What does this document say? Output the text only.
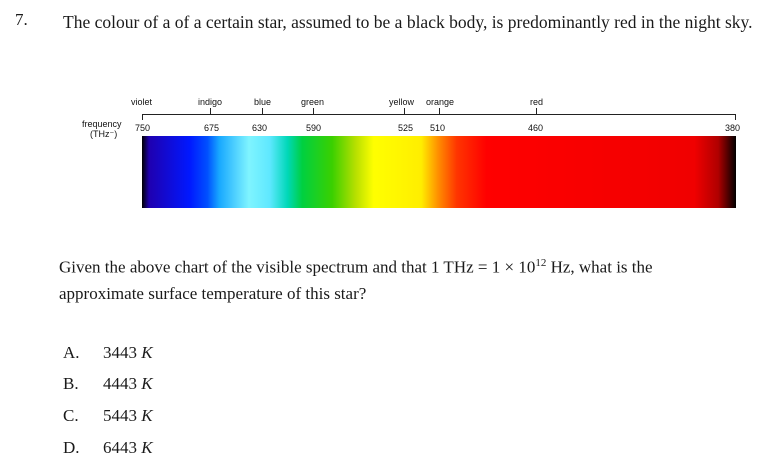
7. The colour of a of a certain star, assumed to be a black body, is predominantly red in the night sky.
violet	indigo	blue	green	yellow orange	red
frequency
(THz⁻)
750	675	630	590	525 510	460	380
Given the above chart of the visible spectrum and that 1 THz = $1 \times 10^{12}$ Hz, what is the approximate surface temperature of this star?
A. 3443 K
B. 4443 K
C. 5443 K
D. 6443 K
